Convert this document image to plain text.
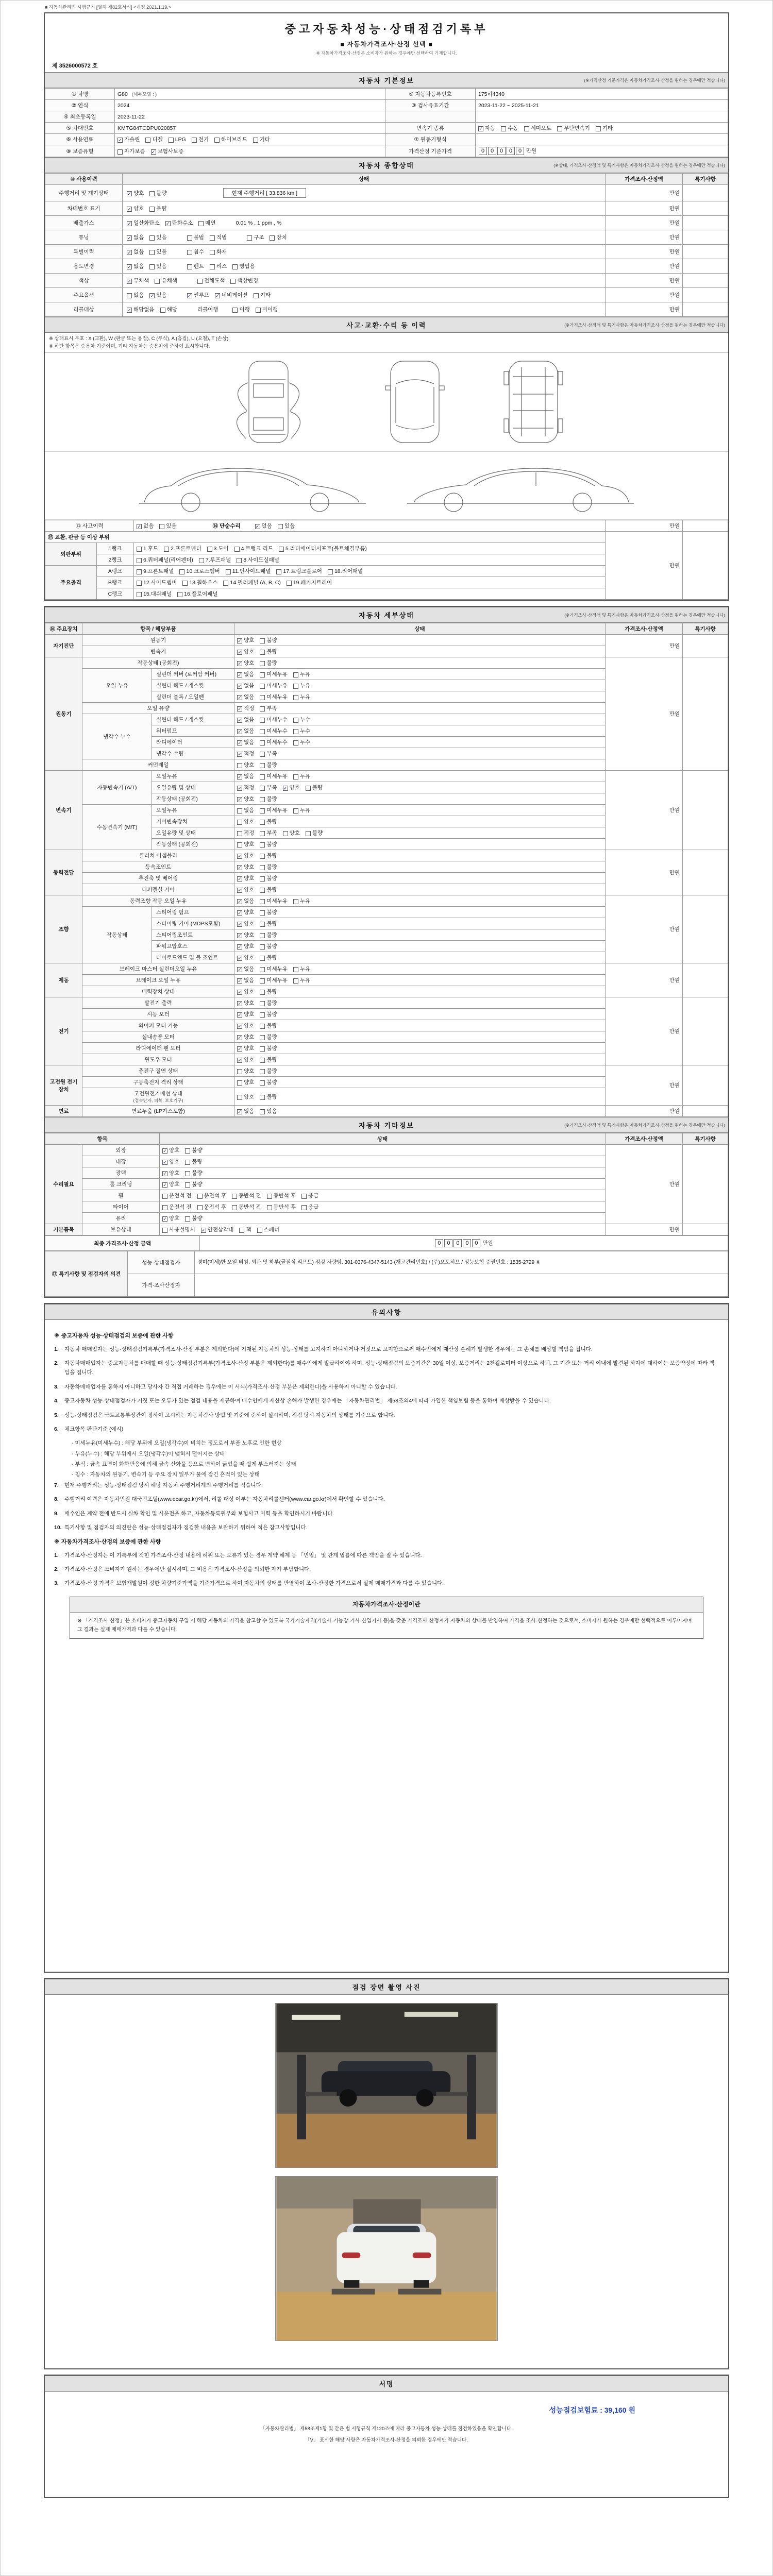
■ 자동차관리법 시행규칙 [별지 제82호서식] <개정 2021.1.19.>
중고자동차성능·상태점검기록부
■ 자동차가격조사·산정 선택 ■
※ 자동차가격조사·산정은 소비자가 원하는 경우에만 선택하여 기재합니다.
제 3526000572 호
자동차 기본정보	(※가격산정 기준가격은 자동차가격조사·산정을 원하는 경우에만 적습니다)
① 차명	G80 (세부모델 : )	⑨ 자동차등록번호	175허4340
② 연식	2024	③ 검사유효기간	2023-11-22 ~ 2025-11-21
④ 최초등록일	2023-11-22		
⑤ 차대번호	KMTG84TCDPU020857	변속기 종류	✓ 자동 수동 세미오토 무단변속기 기타
⑥ 사용연료	✓ 가솔린 디젤 LPG 전기 하이브리드 기타	⑦ 원동기형식	
⑧ 보증유형	자가보증 ✓ 보험사보증	가격산정 기준가격	0 0 0 0 0 만원
자동차 종합상태	(※상태, 가격조사·산정액 및 특기사항은 자동차가격조사·산정을 원하는 경우에만 적습니다)
⑩ 사용이력	상태	가격조사·산정액	특기사항
주행거리 및 계기상태	✓ 양호 불량 현재 주행거리 [ 33,836 km ]	만원	
차대번호 표기	✓ 양호 불량	만원	
배출가스	✓ 일산화탄소 ✓ 탄화수소 매연 0.01 % , 1 ppm , %	만원	
튜닝	✓ 없음 있음 불법 적법 구조 장치	만원	
특별이력	✓ 없음 있음 침수 화재	만원	
용도변경	✓ 없음 있음 렌트 리스 영업용	만원	
색상	✓ 무채색 유채색 전체도색 색상변경	만원	
주요옵션	없음 ✓ 있음 ✓ 썬루프 ✓ 네비게이션 기타	만원	
리콜대상	✓ 해당없음 해당 리콜이행 이행 미이행	만원	
사고·교환·수리 등 이력	(※가격조사·산정액 및 특기사항은 자동차가격조사·산정을 원하는 경우에만 적습니다)
※ 상태표시 부호 : X (교환), W (판금 또는 용접), C (부식), A (흠집), U (요철), T (손상)
※ 하단 항목은 승용차 기준이며, 기타 자동차는 승용차에 준하여 표시합니다.
⑬ 사고이력		✓ 없음 있음 ⑭ 단순수리 ✓ 없음 있음	만원	
⑮ 교환, 판금 등 이상 부위			만원	
외판부위	1랭크	1.후드 2.프론트펜더 3.도어 4.트렁크 리드 5.라디에이터서포트(볼트체결부품)		
	2랭크	6.쿼터패널(리어펜더) 7.루프패널 8.사이드실패널		
주요골격	A랭크	9.프론트패널 10.크로스멤버 11.인사이드패널 17.트렁크플로어 18.리어패널		
	B랭크	12.사이드멤버 13.휠하우스 14.필러패널 (A, B, C) 19.패키지트레이		
	C랭크	15.대쉬패널 16.플로어패널		
자동차 세부상태	(※가격조사·산정액 및 특기사항은 자동차가격조사·산정을 원하는 경우에만 적습니다)
⑯ 주요장치	항목 / 해당부품		상태	가격조사·산정액	특기사항
자기진단	원동기		✓ 양호 불량	만원	
	변속기		✓ 양호 불량		
원동기	작동상태 (공회전)		✓ 양호 불량	만원	
	오일 누유	실린더 커버 (로커암 커버)	✓ 없음 미세누유 누유		
		실린더 헤드 / 개스킷	✓ 없음 미세누유 누유		
		실린더 블록 / 오일팬	✓ 없음 미세누유 누유		
	오일 유량		✓ 적정 부족		
	냉각수 누수	실린더 헤드 / 개스킷	✓ 없음 미세누수 누수		
		워터펌프	✓ 없음 미세누수 누수		
		라디에이터	✓ 없음 미세누수 누수		
		냉각수 수량	✓ 적정 부족		
	커먼레일		양호 불량		
변속기	자동변속기 (A/T)	오일누유	✓ 없음 미세누유 누유	만원	
		오일유량 및 상태	✓ 적정 부족 ✓ 양호 불량		
		작동상태 (공회전)	✓ 양호 불량		
	수동변속기 (M/T)	오일누유	없음 미세누유 누유		
		기어변속장치	양호 불량		
		오일유량 및 상태	적정 부족 양호 불량		
		작동상태 (공회전)	양호 불량		
동력전달	클러치 어셈블리		✓ 양호 불량	만원	
	등속조인트		✓ 양호 불량		
	추진축 및 베어링		✓ 양호 불량		
	디퍼렌셜 기어		✓ 양호 불량		
조향	동력조향 작동 오일 누유		✓ 없음 미세누유 누유	만원	
	작동상태	스티어링 펌프	✓ 양호 불량		
		스티어링 기어 (MDPS포함)	✓ 양호 불량		
		스티어링조인트	✓ 양호 불량		
		파워고압호스	✓ 양호 불량		
		타이로드엔드 및 볼 조인트	✓ 양호 불량		
제동	브레이크 마스터 실린더오일 누유		✓ 없음 미세누유 누유	만원	
	브레이크 오일 누유		✓ 없음 미세누유 누유		
	배력장치 상태		✓ 양호 불량		
전기	발전기 출력		✓ 양호 불량	만원	
	시동 모터		✓ 양호 불량		
	와이퍼 모터 기능		✓ 양호 불량		
	실내송풍 모터		✓ 양호 불량		
	라디에이터 팬 모터		✓ 양호 불량		
	윈도우 모터		✓ 양호 불량		
고전원 전기장치	충전구 절연 상태		양호 불량	만원	
	구동축전지 격리 상태		양호 불량		
	고전원전기배선 상태
(접속단자, 피복, 보호기구)		양호 불량		
연료	연료누출 (LP가스포함)		✓ 없음 있음	만원	
자동차 기타정보	(※가격조사·산정액 및 특기사항은 자동차가격조사·산정을 원하는 경우에만 적습니다)
항목		상태	가격조사·산정액	특기사항
수리필요	외장	✓ 양호 불량	만원	
	내장	✓ 양호 불량		
	광택	✓ 양호 불량		
	룸 크리닝	✓ 양호 불량		
	휠	운전석 전 운전석 후 동반석 전 동반석 후 응급		
	타이어	운전석 전 운전석 후 동반석 전 동반석 후 응급		
	유리	✓ 양호 불량		
기본품목	보유상태	사용설명서 ✓ 안전삼각대 잭 스패너	만원	
최종 가격조사·산정 금액	0 0 0 0 0 만원
⑰ 특기사항 및 점검자의 의견	성능·상태점검자	경미(미세)한 오일 비침. 외관 및 하부(굴절식 리프트) 점검 차량임. 301-0376-4347-5143 (재고관리번호) / (주)오토허브 / 성능보험 증권번호 : 1535-2729 ※
	가격·조사산정자	
유의사항
※ 중고자동차 성능·상태점검의 보증에 관한 사항
1.	자동차 매매업자는 성능·상태점검기록부(가격조사·산정 부분은 제외한다)에 기재된 자동차의 성능·상태를 고지하지 아니하거나 거짓으로 고지함으로써 매수인에게 재산상 손해가 발생한 경우에는 그 손해를 배상할 책임을 집니다.
2.	자동차매매업자는 중고자동차를 매매할 때 성능·상태점검기록부(가격조사·산정 부분은 제외한다)를 매수인에게 발급하여야 하며, 성능·상태점검의 보증기간은 30일 이상, 보증거리는 2천킬로미터 이상으로 하되, 그 기간 또는 거리 이내에 발견된 하자에 대하여는 보증약정에 따라 책임을 집니다.
3.	자동차매매업자를 통하지 아니하고 당사자 간 직접 거래하는 경우에는 이 서식(가격조사·산정 부분은 제외한다)을 사용하지 아니할 수 있습니다.
4.	중고자동차 성능·상태점검자가 거짓 또는 오류가 있는 점검 내용을 제공하여 매수인에게 재산상 손해가 발생한 경우에는 「자동차관리법」 제58조의4에 따라 가입한 책임보험 등을 통하여 배상받을 수 있습니다.
5.	성능·상태점검은 국토교통부장관이 정하여 고시하는 자동차검사 방법 및 기준에 준하여 실시하며, 점검 당시 자동차의 상태를 기준으로 합니다.
6.	체크항목 판단기준 (예시)
- 미세누유(미세누수) : 해당 부위에 오일(냉각수)이 비치는 정도로서 부품 노후로 인한 현상
- 누유(누수) : 해당 부위에서 오일(냉각수)이 맺혀서 떨어지는 상태
- 부식 : 금속 표면이 화학반응에 의해 금속 산화물 등으로 변하여 긁었을 때 쉽게 부스러지는 상태
- 침수 : 자동차의 원동기, 변속기 등 주요 장치 일부가 물에 잠긴 흔적이 있는 상태
7.	현재 주행거리는 성능·상태점검 당시 해당 자동차 주행거리계의 주행거리를 적습니다.
8.	주행거리 이력은 자동차민원 대국민포털(www.ecar.go.kr)에서, 리콜 대상 여부는 자동차리콜센터(www.car.go.kr)에서 확인할 수 있습니다.
9.	매수인은 계약 전에 반드시 실차 확인 및 시운전을 하고, 자동차등록원부와 보험사고 이력 등을 확인하시기 바랍니다.
10. 특기사항 및 점검자의 의견란은 성능·상태점검자가 점검한 내용을 보완하기 위하여 적은 참고사항입니다.
※ 자동차가격조사·산정의 보증에 관한 사항
1.	가격조사·산정자는 이 기록부에 적힌 가격조사·산정 내용에 허위 또는 오류가 있는 경우 계약 해제 등 「민법」 및 관계 법률에 따른 책임을 질 수 있습니다.
2.	가격조사·산정은 소비자가 원하는 경우에만 실시하며, 그 비용은 가격조사·산정을 의뢰한 자가 부담합니다.
3.	가격조사·산정 가격은 보험개발원이 정한 차량기준가액을 기준가격으로 하여 자동차의 상태를 반영하여 조사·산정한 가격으로서 실제 매매가격과 다를 수 있습니다.
자동차가격조사·산정이란
※ 「가격조사·산정」은 소비자가 중고자동차 구입 시 해당 자동차의 가격을 참고할 수 있도록 국가기술자격(기술사·기능장·기사·산업기사 등)을 갖춘 가격조사·산정자가 자동차의 상태를 반영하여 가격을 조사·산정하는 것으로서, 소비자가 원하는 경우에만 선택적으로 이루어지며 그 결과는 실제 매매가격과 다를 수 있습니다.
점검 장면 촬영 사진
서명
성능점검보험료 : 39,160 원
「자동차관리법」 제58조제1항 및 같은 법 시행규칙 제120조에 따라 중고자동차 성능·상태를 점검하였음을 확인합니다.
「V」 표시한 해당 사항은 자동차가격조사·산정을 의뢰한 경우에만 적습니다.
